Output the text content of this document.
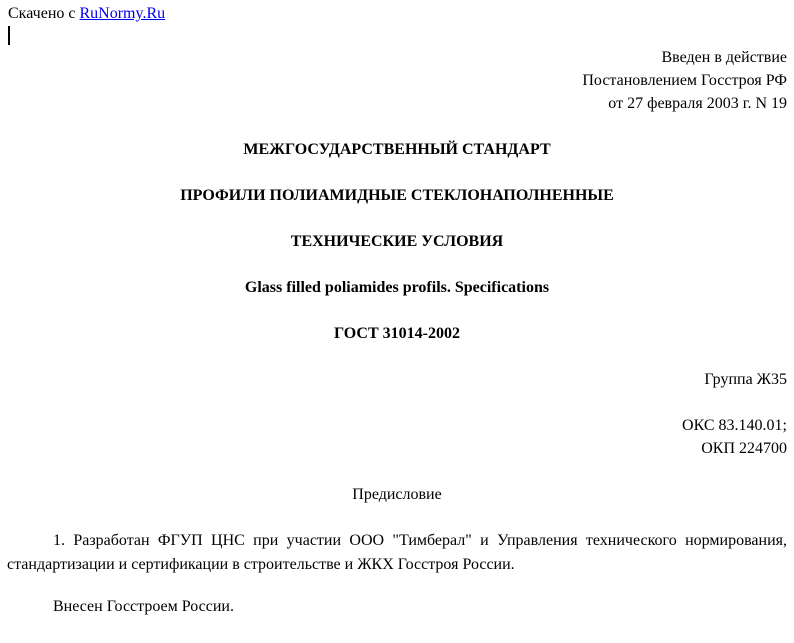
Скачено с RuNormy.Ru
Введен в действие
Постановлением Госстроя РФ
от 27 февраля 2003 г. N 19
МЕЖГОСУДАРСТВЕННЫЙ СТАНДАРТ
ПРОФИЛИ ПОЛИАМИДНЫЕ СТЕКЛОНАПОЛНЕННЫЕ
ТЕХНИЧЕСКИЕ УСЛОВИЯ
Glass filled poliamides profils. Specifications
ГОСТ 31014-2002
Группа Ж35
ОКС 83.140.01;
ОКП 224700
Предисловие
1. Разработан ФГУП ЦНС при участии ООО "Тимберал" и Управления технического нормирования, стандартизации и сертификации в строительстве и ЖКХ Госстроя России.
Внесен Госстроем России.
